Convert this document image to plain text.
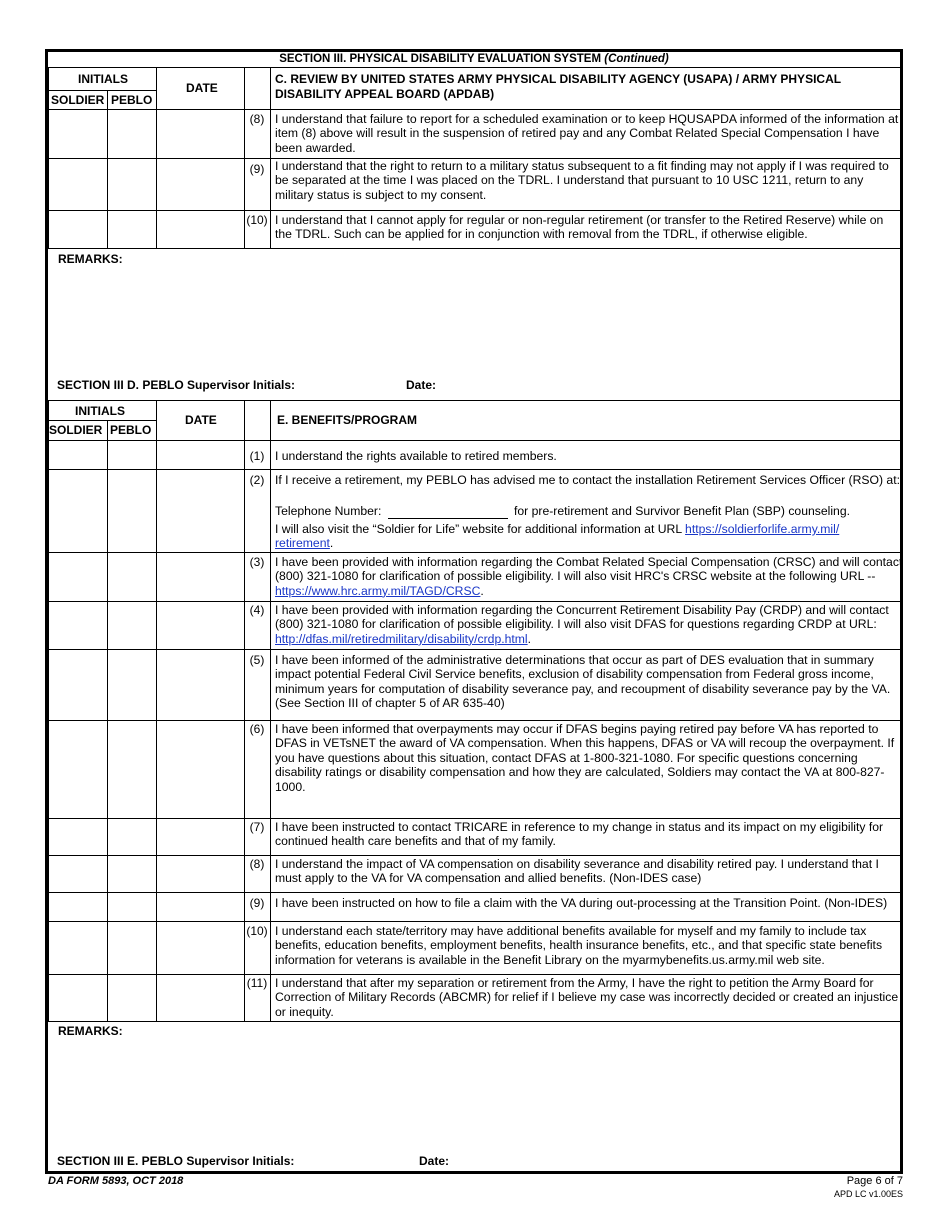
SECTION III. PHYSICAL DISABILITY EVALUATION SYSTEM (Continued)
INITIALS
SOLDIER PEBLO
DATE
C. REVIEW BY UNITED STATES ARMY PHYSICAL DISABILITY AGENCY (USAPA) / ARMY PHYSICAL DISABILITY APPEAL BOARD (APDAB)
(8) I understand that failure to report for a scheduled examination or to keep HQUSAPDA informed of the information at item (8) above will result in the suspension of retired pay and any Combat Related Special Compensation I have been awarded.
(9) I understand that the right to return to a military status subsequent to a fit finding may not apply if I was required to be separated at the time I was placed on the TDRL. I understand that pursuant to 10 USC 1211, return to any military status is subject to my consent.
(10) I understand that I cannot apply for regular or non-regular retirement (or transfer to the Retired Reserve) while on the TDRL. Such can be applied for in conjunction with removal from the TDRL, if otherwise eligible.
REMARKS:
SECTION III D. PEBLO Supervisor Initials:	Date:
INITIALS
SOLDIER PEBLO
DATE	E. BENEFITS/PROGRAM
(1) I understand the rights available to retired members.
(2) If I receive a retirement, my PEBLO has advised me to contact the installation Retirement Services Officer (RSO) at:
Telephone Number:	for pre-retirement and Survivor Benefit Plan (SBP) counseling.
I will also visit the “Soldier for Life” website for additional information at URL https://soldierforlife.army.mil/
retirement.
(3) I have been provided with information regarding the Combat Related Special Compensation (CRSC) and will contact (800) 321-1080 for clarification of possible eligibility. I will also visit HRC's CRSC website at the following URL -- https://www.hrc.army.mil/TAGD/CRSC.
(4) I have been provided with information regarding the Concurrent Retirement Disability Pay (CRDP) and will contact (800) 321-1080 for clarification of possible eligibility. I will also visit DFAS for questions regarding CRDP at URL: http://dfas.mil/retiredmilitary/disability/crdp.html.
(5) I have been informed of the administrative determinations that occur as part of DES evaluation that in summary impact potential Federal Civil Service benefits, exclusion of disability compensation from Federal gross income, minimum years for computation of disability severance pay, and recoupment of disability severance pay by the VA. (See Section III of chapter 5 of AR 635-40)
(6) I have been informed that overpayments may occur if DFAS begins paying retired pay before VA has reported to DFAS in VETsNET the award of VA compensation. When this happens, DFAS or VA will recoup the overpayment. If you have questions about this situation, contact DFAS at 1-800-321-1080. For specific questions concerning disability ratings or disability compensation and how they are calculated, Soldiers may contact the VA at 800-827-1000.
(7) I have been instructed to contact TRICARE in reference to my change in status and its impact on my eligibility for continued health care benefits and that of my family.
(8) I understand the impact of VA compensation on disability severance and disability retired pay. I understand that I must apply to the VA for VA compensation and allied benefits. (Non-IDES case)
(9) I have been instructed on how to file a claim with the VA during out-processing at the Transition Point. (Non-IDES)
(10) I understand each state/territory may have additional benefits available for myself and my family to include tax benefits, education benefits, employment benefits, health insurance benefits, etc., and that specific state benefits information for veterans is available in the Benefit Library on the myarmybenefits.us.army.mil web site.
(11) I understand that after my separation or retirement from the Army, I have the right to petition the Army Board for Correction of Military Records (ABCMR) for relief if I believe my case was incorrectly decided or created an injustice or inequity.
REMARKS:
SECTION III E. PEBLO Supervisor Initials:	Date:
DA FORM 5893, OCT 2018	Page 6 of 7
APD LC v1.00ES
